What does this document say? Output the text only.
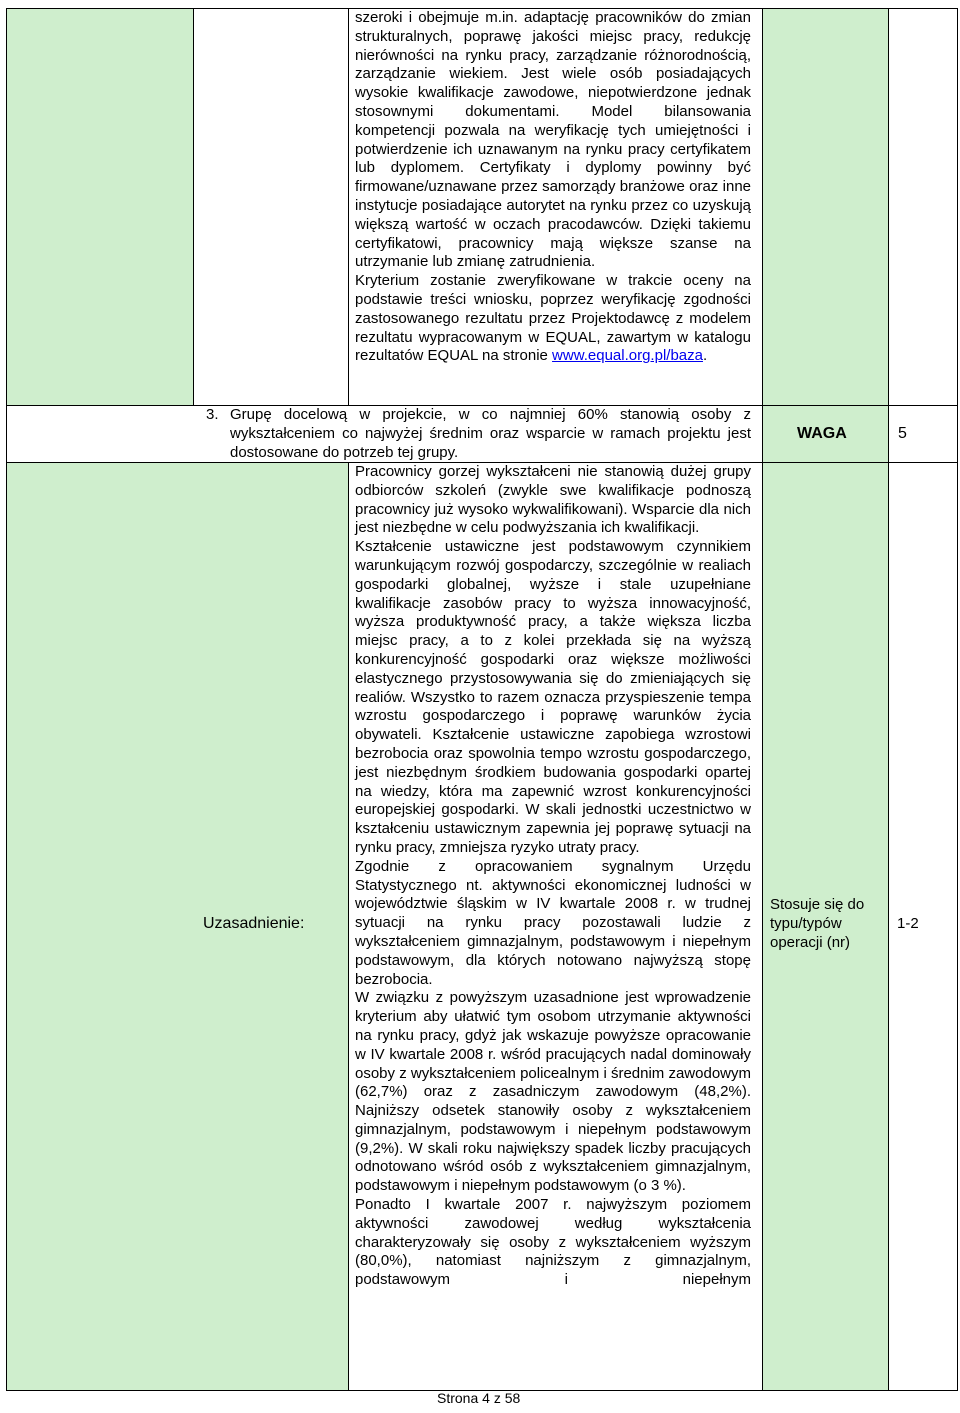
szeroki i obejmuje m.in. adaptację pracowników do zmian strukturalnych, poprawę jakości miejsc pracy, redukcję nierówności na rynku pracy, zarządzanie różnorodnością, zarządzanie wiekiem. Jest wiele osób posiadających wysokie kwalifikacje zawodowe, niepotwierdzone jednak stosownymi dokumentami. Model bilansowania kompetencji pozwala na weryfikację tych umiejętności i potwierdzenie ich uznawanym na rynku pracy certyfikatem lub dyplomem. Certyfikaty i dyplomy powinny być firmowane/uznawane przez samorządy branżowe oraz inne instytucje posiadające autorytet na rynku przez co uzyskują większą wartość w oczach pracodawców. Dzięki takiemu certyfikatowi, pracownicy mają większe szanse na utrzymanie lub zmianę zatrudnienia.

Kryterium zostanie zweryfikowane w trakcie oceny na podstawie treści wniosku, poprzez weryfikację zgodności zastosowanego rezultatu przez Projektodawcę z modelem rezultatu wypracowanym w EQUAL, zawartym w katalogu rezultatów EQUAL na stronie www.equal.org.pl/baza.

3. Grupę docelową w projekcie, w co najmniej 60% stanowią osoby z wykształceniem co najwyżej średnim oraz wsparcie w ramach projektu jest dostosowane do potrzeb tej grupy.
WAGA	5
Uzasadnienie:

Pracownicy gorzej wykształceni nie stanowią dużej grupy odbiorców szkoleń (zwykle swe kwalifikacje podnoszą pracownicy już wysoko wykwalifikowani). Wsparcie dla nich jest niezbędne w celu podwyższania ich kwalifikacji.

Kształcenie ustawiczne jest podstawowym czynnikiem warunkującym rozwój gospodarczy, szczególnie w realiach gospodarki globalnej, wyższe i stale uzupełniane kwalifikacje zasobów pracy to wyższa innowacyjność, wyższa produktywność pracy, a także większa liczba miejsc pracy, a to z kolei przekłada się na wyższą konkurencyjność gospodarki oraz większe możliwości elastycznego przystosowywania się do zmieniających się realiów. Wszystko to razem oznacza przyspieszenie tempa wzrostu gospodarczego i poprawę warunków życia obywateli. Kształcenie ustawiczne zapobiega wzrostowi bezrobocia oraz spowolnia tempo wzrostu gospodarczego, jest niezbędnym środkiem budowania gospodarki opartej na wiedzy, która ma zapewnić wzrost konkurencyjności europejskiej gospodarki. W skali jednostki uczestnictwo w kształceniu ustawicznym zapewnia jej poprawę sytuacji na rynku pracy, zmniejsza ryzyko utraty pracy.

Zgodnie z opracowaniem sygnalnym Urzędu Statystycznego nt. aktywności ekonomicznej ludności w województwie śląskim w IV kwartale 2008 r. w trudnej sytuacji na rynku pracy pozostawali ludzie z wykształceniem gimnazjalnym, podstawowym i niepełnym podstawowym, dla których notowano najwyższą stopę bezrobocia.

W związku z powyższym uzasadnione jest wprowadzenie kryterium aby ułatwić tym osobom utrzymanie aktywności na rynku pracy, gdyż jak wskazuje powyższe opracowanie w IV kwartale 2008 r. wśród pracujących nadal dominowały osoby z wykształceniem policealnym i średnim zawodowym (62,7%) oraz z zasadniczym zawodowym (48,2%). Najniższy odsetek stanowiły osoby z wykształceniem gimnazjalnym, podstawowym i niepełnym podstawowym (9,2%). W skali roku największy spadek liczby pracujących odnotowano wśród osób z wykształceniem gimnazjalnym, podstawowym i niepełnym podstawowym (o 3 %).

Ponadto I kwartale 2007 r. najwyższym poziomem aktywności zawodowej według wykształcenia charakteryzowały się osoby z wykształceniem wyższym (80,0%), natomiast najniższym z gimnazjalnym, podstawowym i niepełnym

Stosuje się do typu/typów operacji (nr)
1-2
Strona 4 z 58
